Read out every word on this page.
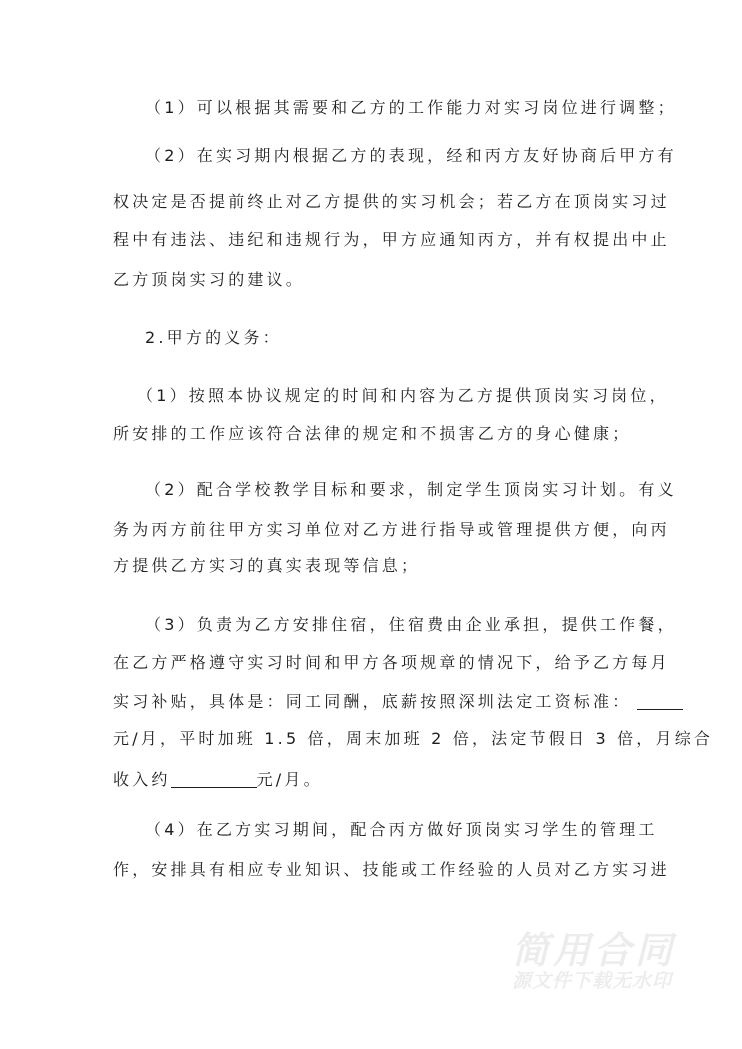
（1）可以根据其需要和乙方的工作能力对实习岗位进行调整；
（2）在实习期内根据乙方的表现，经和丙方友好协商后甲方有
权决定是否提前终止对乙方提供的实习机会；若乙方在顶岗实习过
程中有违法、违纪和违规行为，甲方应通知丙方，并有权提出中止
乙方顶岗实习的建议。
2.甲方的义务：
（1）按照本协议规定的时间和内容为乙方提供顶岗实习岗位，
所安排的工作应该符合法律的规定和不损害乙方的身心健康；
（2）配合学校教学目标和要求，制定学生顶岗实习计划。有义
务为丙方前往甲方实习单位对乙方进行指导或管理提供方便，向丙
方提供乙方实习的真实表现等信息；
（3）负责为乙方安排住宿，住宿费由企业承担，提供工作餐，
在乙方严格遵守实习时间和甲方各项规章的情况下，给予乙方每月
实习补贴，具体是：同工同酬，底薪按照深圳法定工资标准：
元/月，平时加班 1.5 倍，周末加班 2 倍，法定节假日 3 倍，月综合
收入约	元/月。
（4）在乙方实习期间，配合丙方做好顶岗实习学生的管理工
作，安排具有相应专业知识、技能或工作经验的人员对乙方实习进
简用合同
源文件下载无水印
